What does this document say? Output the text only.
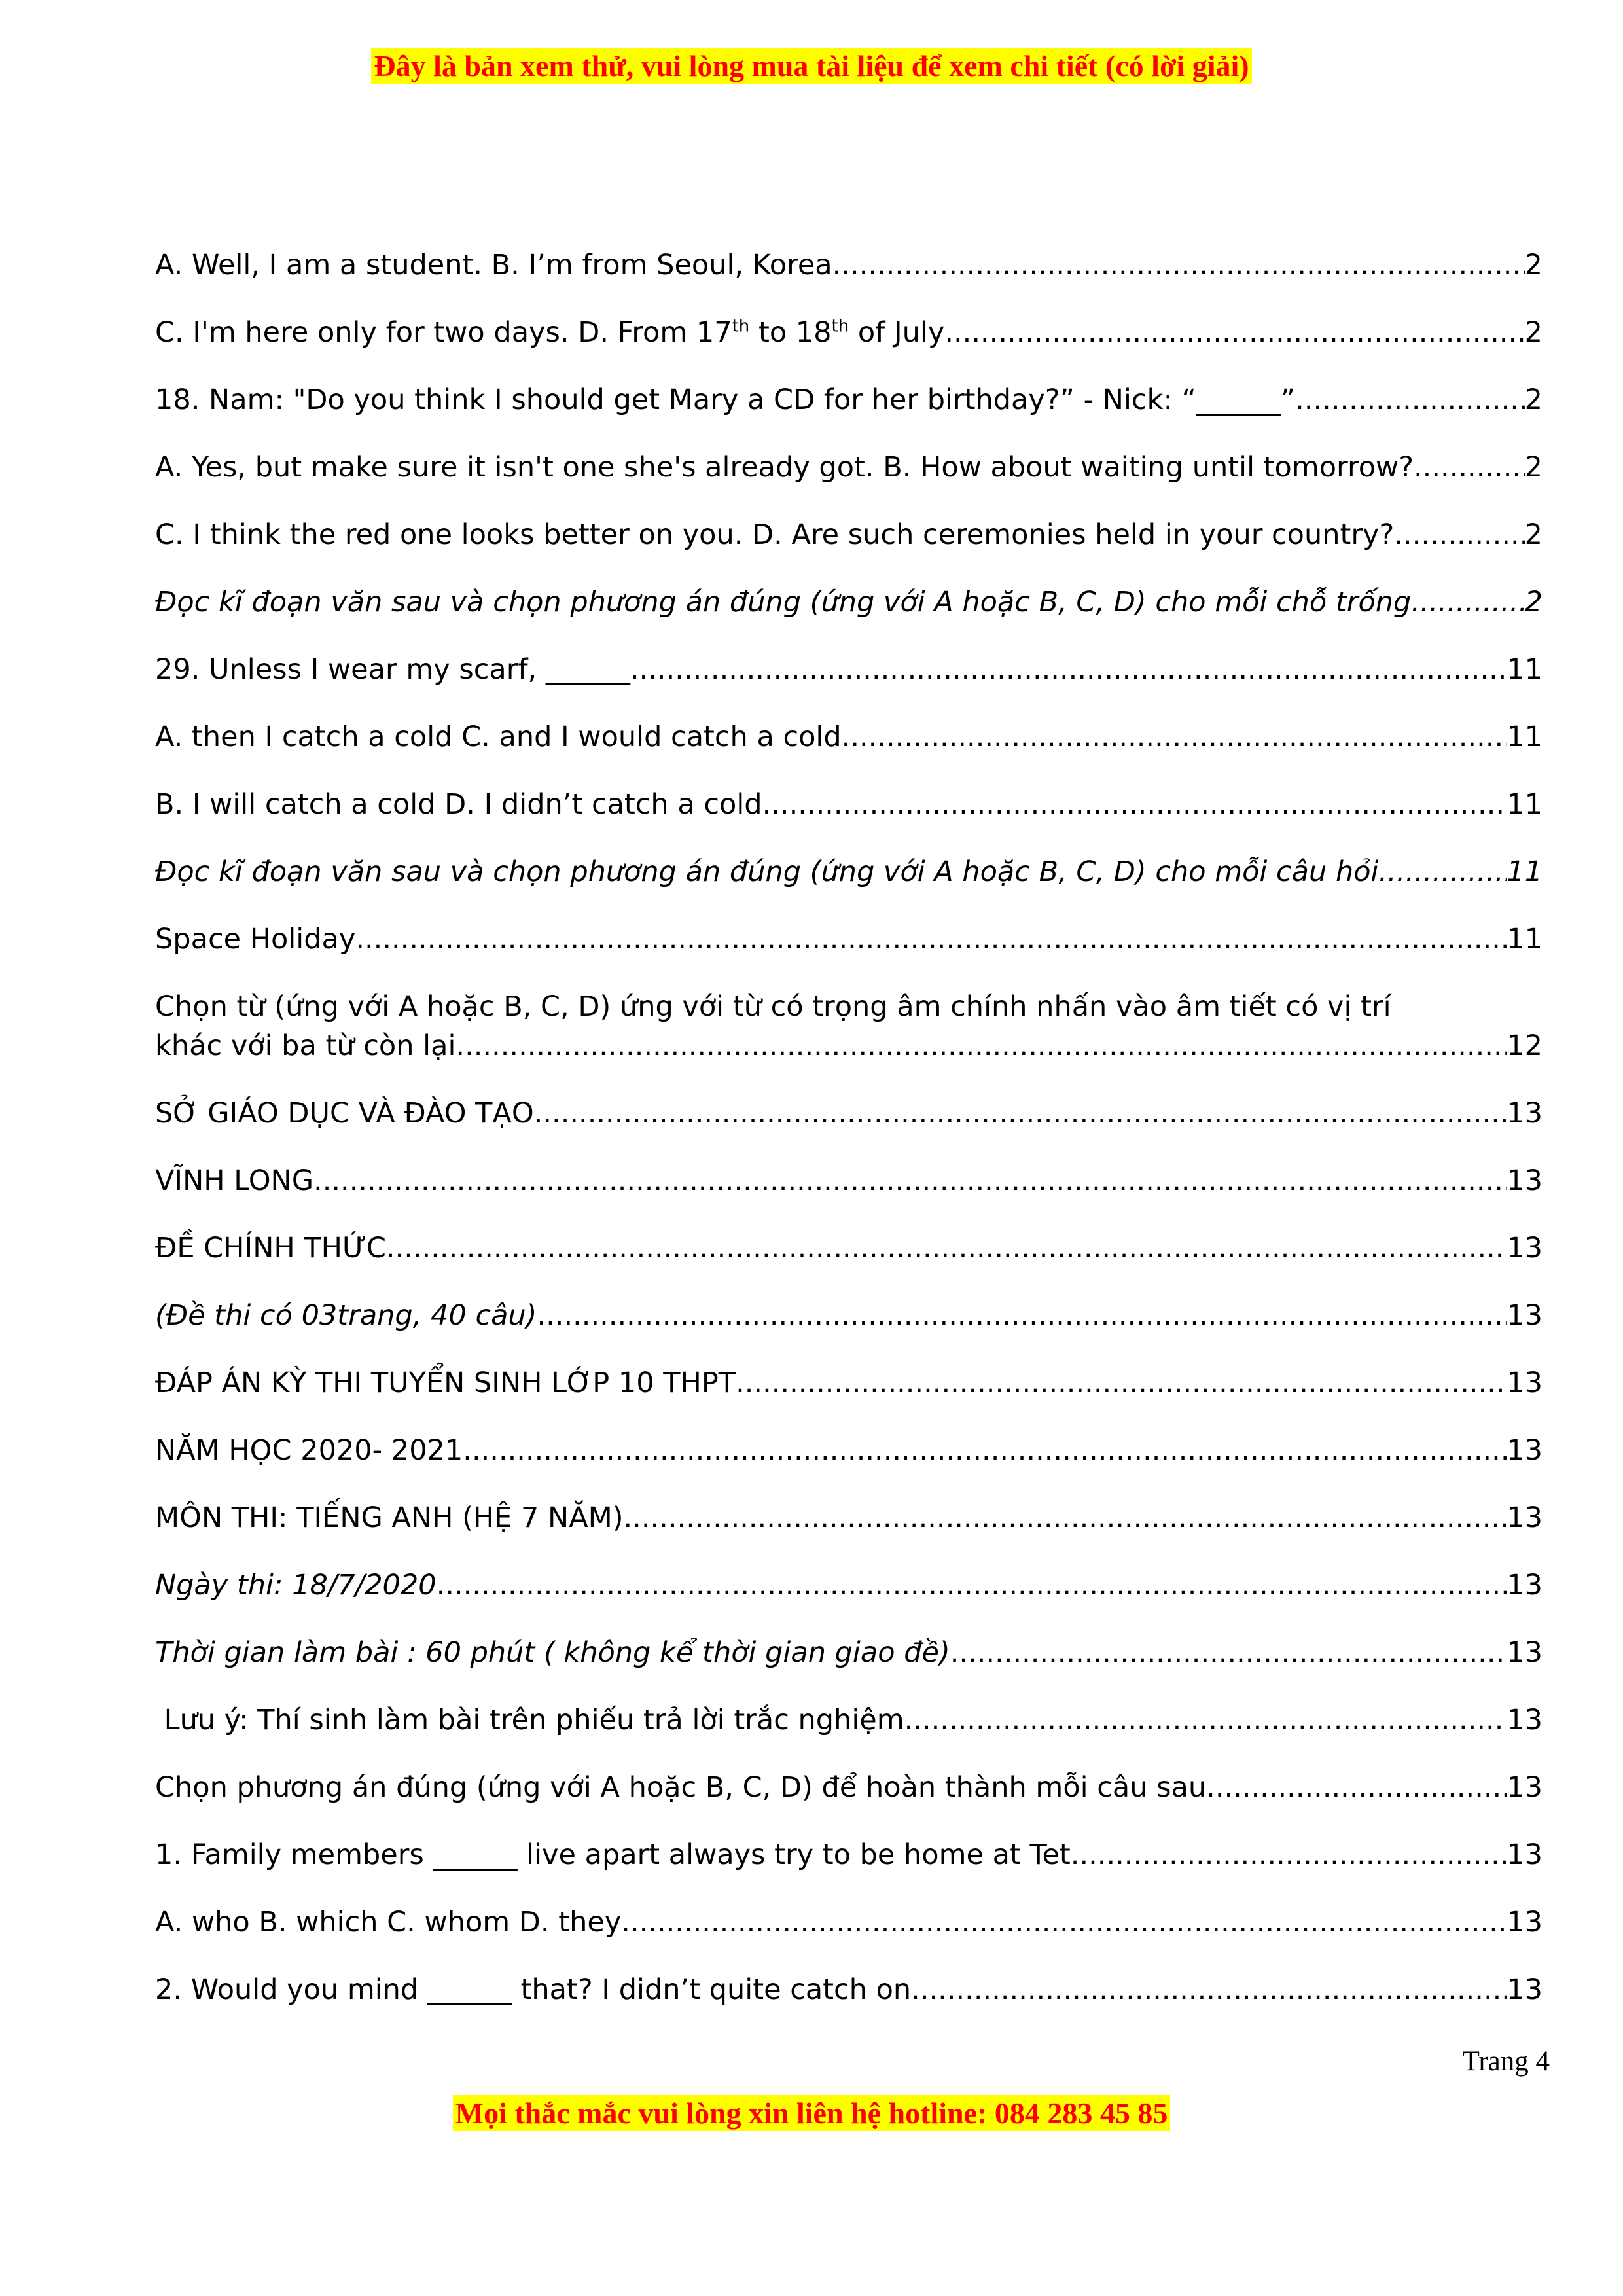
Đây là bản xem thử, vui lòng mua tài liệu để xem chi tiết (có lời giải)
A. Well, I am a student. B. I’m from Seoul, Korea. .....	2
C. I'm here only for two days. D. From 17th to 18th of July .....	2
18. Nam: "Do you think I should get Mary a CD for her birthday?” - Nick: “______” .....	2
A. Yes, but make sure it isn't one she's already got. B. How about waiting until tomorrow? .....	2
C. I think the red one looks better on you. D. Are such ceremonies held in your country? .....	2
Đọc kĩ đoạn văn sau và chọn phương án đúng (ứng với A hoặc B, C, D) cho mỗi chỗ trống .....	2
29. Unless I wear my scarf, ______ .....	11
A. then I catch a cold C. and I would catch a cold .....	11
B. I will catch a cold D. I didn’t catch a cold .....	11
Đọc kĩ đoạn văn sau và chọn phương án đúng (ứng với A hoặc B, C, D) cho mỗi câu hỏi .....	11
Space Holiday .....	11
Chọn từ (ứng với A hoặc B, C, D) ứng với từ có trọng âm chính nhấn vào âm tiết có vị trí
khác với ba từ còn lại .....	12
SỞ GIÁO DỤC VÀ ĐÀO TẠO .....	13
VĨNH LONG .....	13
ĐỀ CHÍNH THỨC .....	13
(Đề thi có 03trang, 40 câu) .....	13
ĐÁP ÁN KỲ THI TUYỂN SINH LỚP 10 THPT .....	13
NĂM HỌC 2020- 2021 .....	13
MÔN THI: TIẾNG ANH (HỆ 7 NĂM) .....	13
Ngày thi: 18/7/2020 .....	13
Thời gian làm bài : 60 phút ( không kể thời gian giao đề) .....	13
Lưu ý: Thí sinh làm bài trên phiếu trả lời trắc nghiệm .....	13
Chọn phương án đúng (ứng với A hoặc B, C, D) để hoàn thành mỗi câu sau. .....	13
1. Family members ______ live apart always try to be home at Tet. .....	13
A. who B. which C. whom D. they .....	13
2. Would you mind ______ that? I didn’t quite catch on. .....	13
Trang 4
Mọi thắc mắc vui lòng xin liên hệ hotline: 084 283 45 85
